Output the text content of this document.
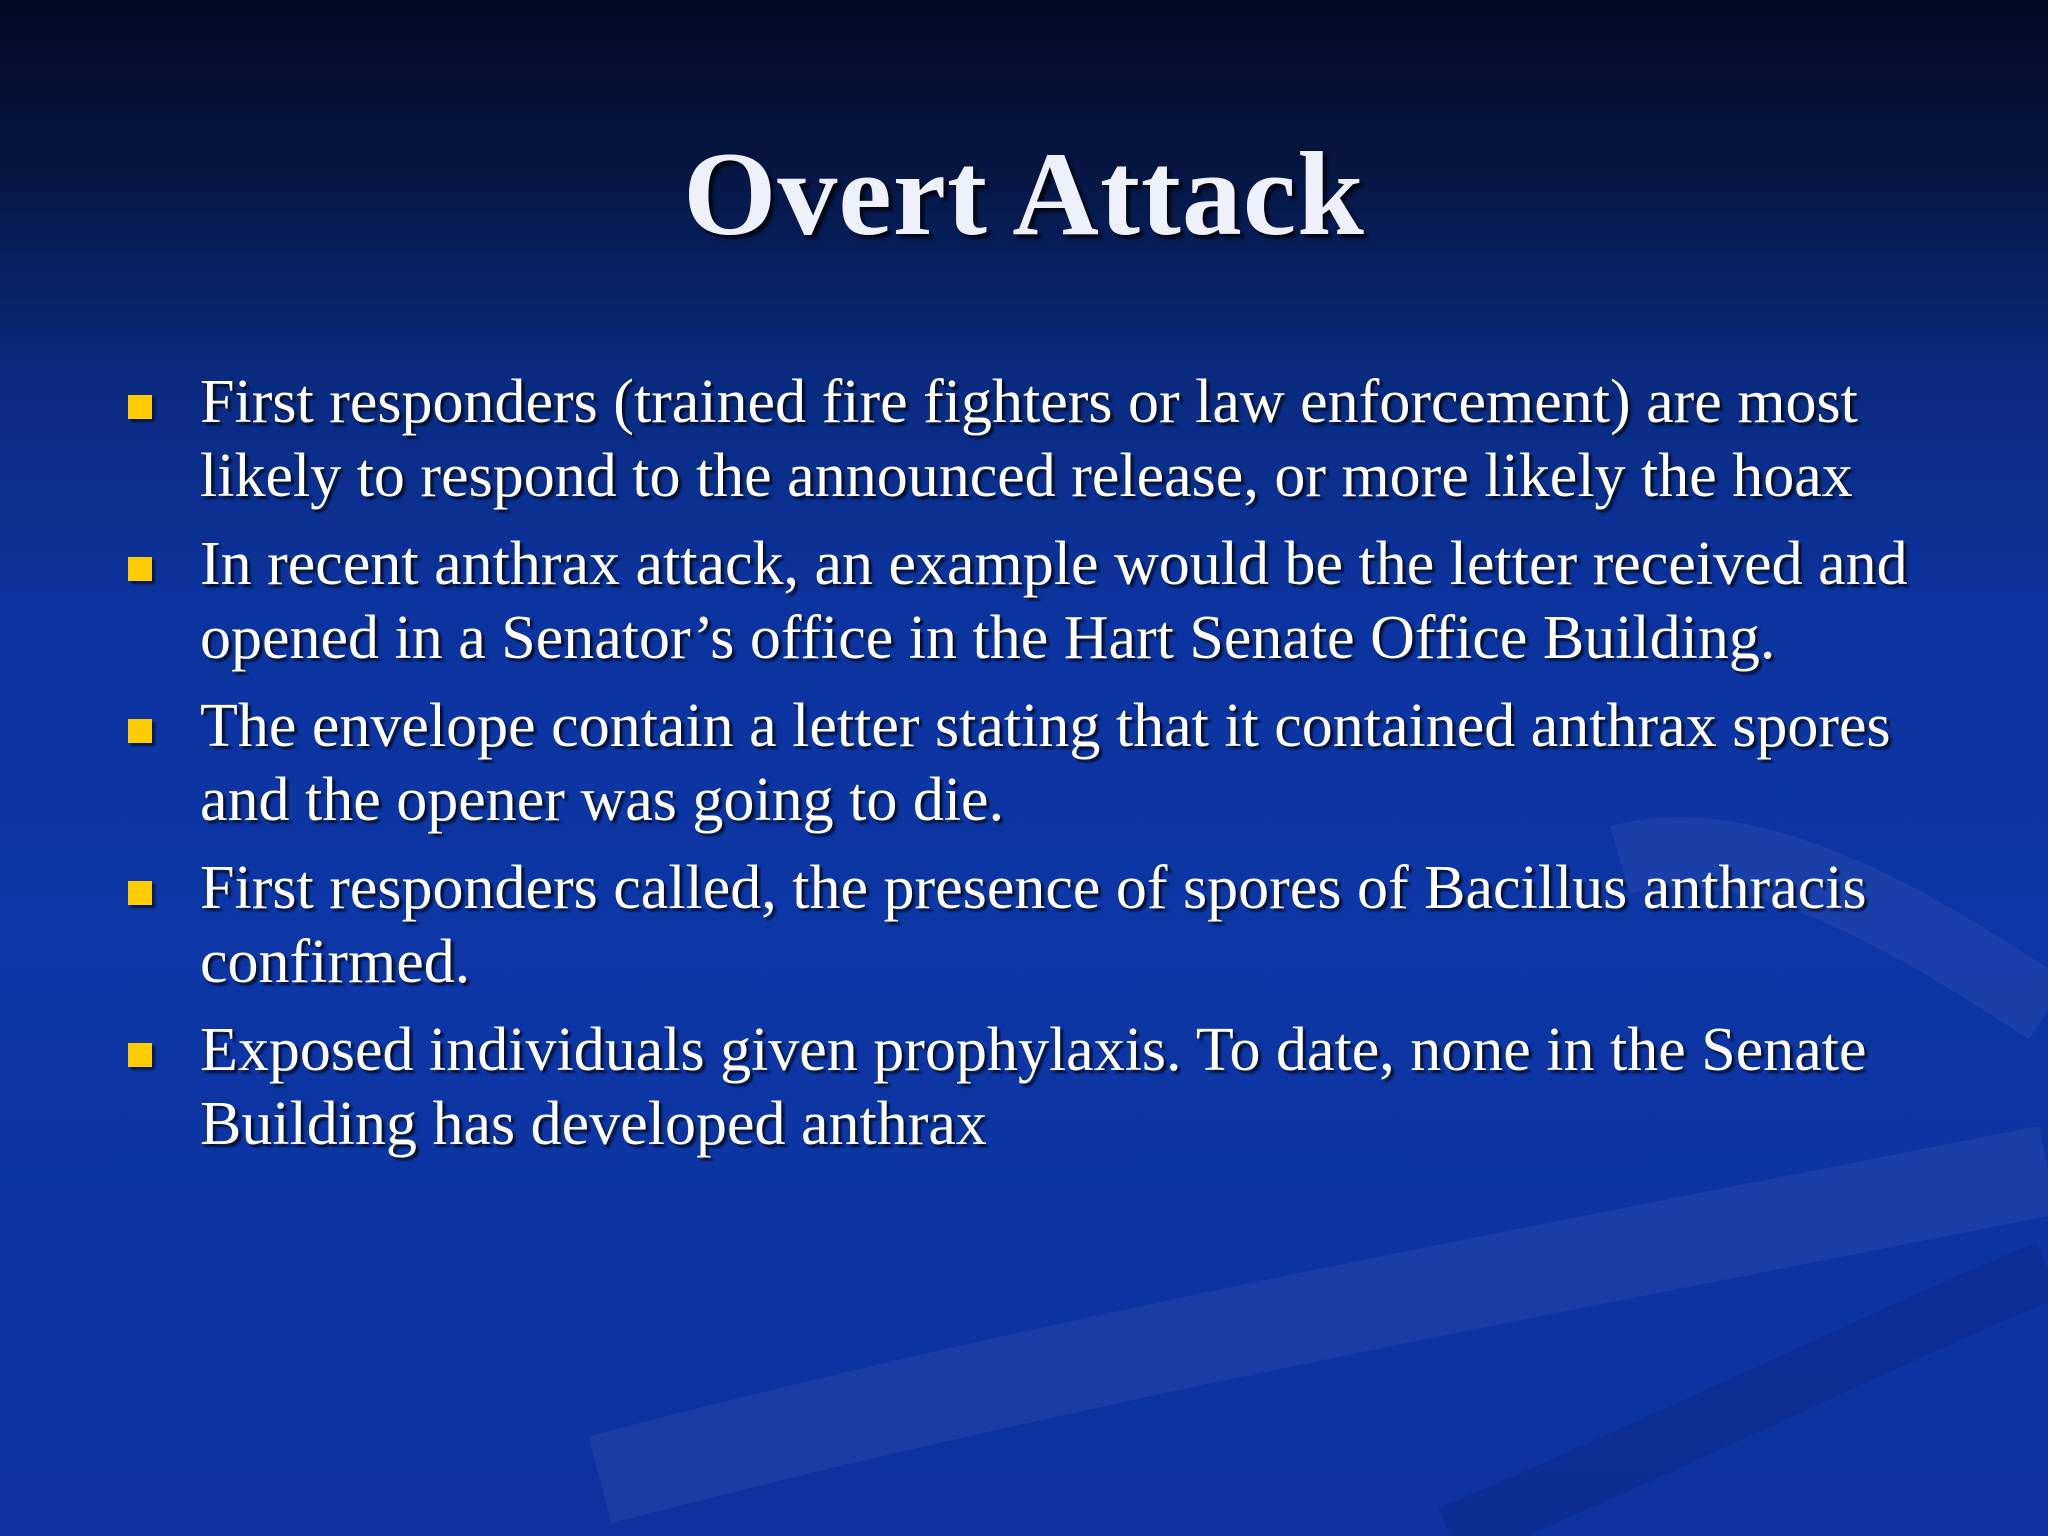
Overt Attack
First responders (trained fire fighters or law enforcement) are most likely to respond to the announced release, or more likely the hoax
In recent anthrax attack, an example would be the letter received and opened in a Senator’s office in the Hart Senate Office Building.
The envelope contain a letter stating that it contained anthrax spores and the opener was going to die.
First responders called, the presence of spores of Bacillus anthracis confirmed.
Exposed individuals given prophylaxis. To date, none in the Senate Building has developed anthrax
